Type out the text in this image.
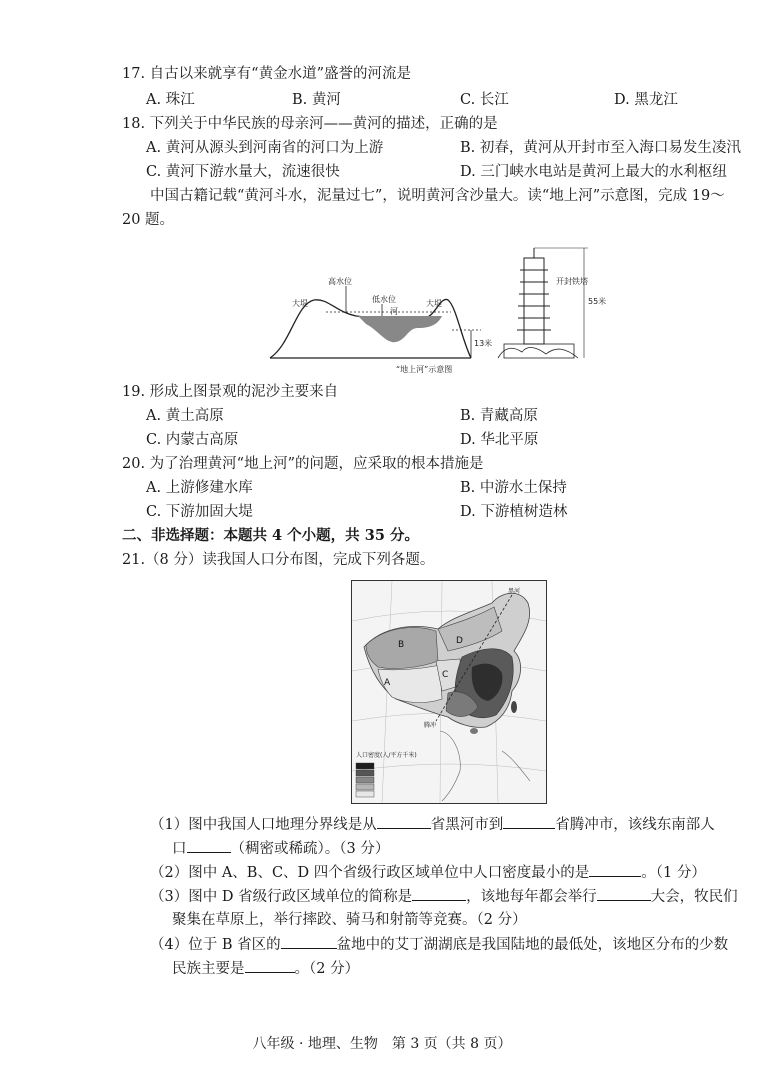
17. 自古以来就享有“黄金水道”盛誉的河流是
A. 珠江	B. 黄河	C. 长江	D. 黑龙江
18. 下列关于中华民族的母亲河——黄河的描述，正确的是
A. 黄河从源头到河南省的河口为上游	B. 初春，黄河从开封市至入海口易发生凌汛
C. 黄河下游水量大，流速很快	D. 三门峡水电站是黄河上最大的水利枢纽
中国古籍记载“黄河斗水，泥量过七”，说明黄河含沙量大。读“地上河”示意图，完成 19～
20 题。
高水位
低水位
河
大堤	大堤
13米
55米
开封铁塔
“地上河”示意图
19. 形成上图景观的泥沙主要来自
A. 黄土高原	B. 青藏高原
C. 内蒙古高原	D. 华北平原
20. 为了治理黄河“地上河”的问题，应采取的根本措施是
A. 上游修建水库	B. 中游水土保持
C. 下游加固大堤	D. 下游植树造林
二、非选择题：本题共 4 个小题，共 35 分。
21.（8 分）读我国人口分布图，完成下列各题。
人口密度(人/平方千米)
B
A
C
D
黑河
腾冲
（1）图中我国人口地理分界线是从	省黑河市到	省腾冲市，该线东南部人
口	（稠密或稀疏）。（3 分）
（2）图中 A、B、C、D 四个省级行政区域单位中人口密度最小的是	。（1 分）
（3）图中 D 省级行政区域单位的简称是	，该地每年都会举行	大会，牧民们
聚集在草原上，举行摔跤、骑马和射箭等竞赛。（2 分）
（4）位于 B 省区的	盆地中的艾丁湖湖底是我国陆地的最低处，该地区分布的少数
民族主要是	。（2 分）
八年级 · 地理、生物　第 3 页（共 8 页）
